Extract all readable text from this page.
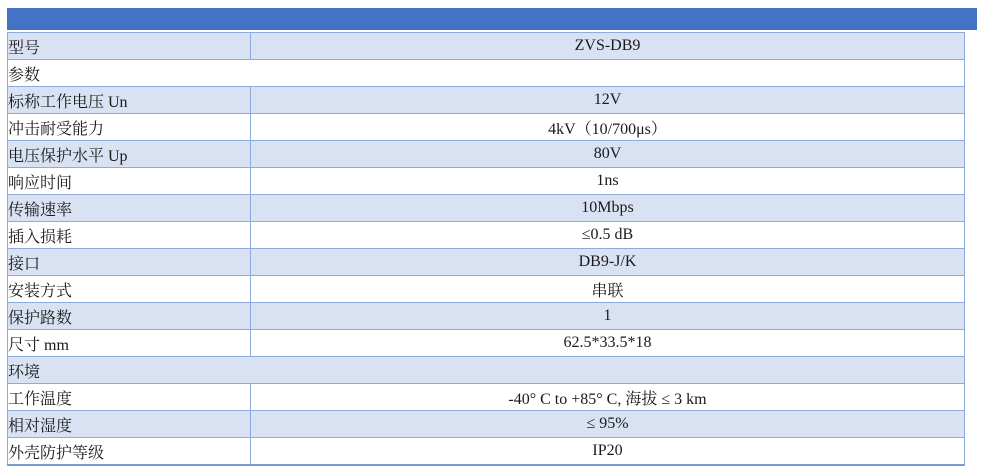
型号	ZVS-DB9
参数	
标称工作电压 Un	12V
冲击耐受能力	4kV（10/700μs）
电压保护水平 Up	80V
响应时间	1ns
传输速率	10Mbps
插入损耗	≤0.5 dB
接口	DB9-J/K
安装方式	串联
保护路数	1
尺寸 mm	62.5*33.5*18
环境	
工作温度	-40° C to +85° C, 海拔 ≤ 3 km
相对湿度	≤ 95%
外壳防护等级	IP20
